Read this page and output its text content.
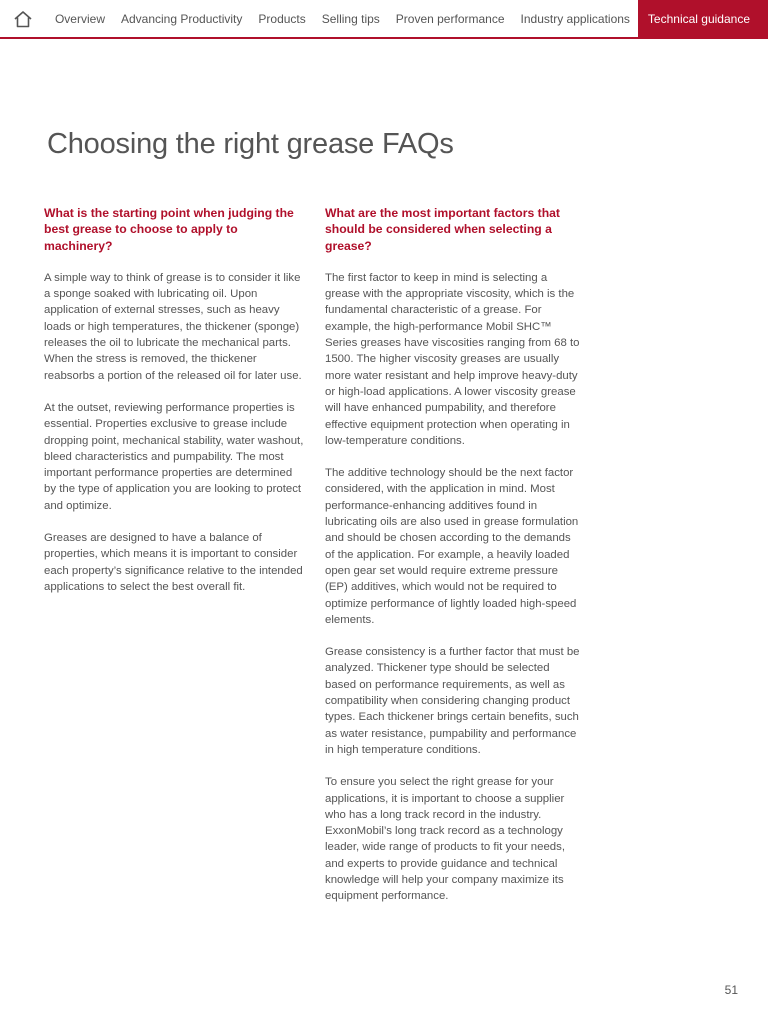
Overview	Advancing Productivity	Products	Selling tips	Proven performance	Industry applications	Technical guidance
Choosing the right grease FAQs
What is the starting point when judging the best grease to choose to apply to machinery?

A simple way to think of grease is to consider it like a sponge soaked with lubricating oil. Upon application of external stresses, such as heavy loads or high temperatures, the thickener (sponge) releases the oil to lubricate the mechanical parts. When the stress is removed, the thickener reabsorbs a portion of the released oil for later use.

At the outset, reviewing performance properties is essential. Properties exclusive to grease include dropping point, mechanical stability, water washout, bleed characteristics and pumpability. The most important performance properties are determined by the type of application you are looking to protect and optimize.

Greases are designed to have a balance of properties, which means it is important to consider each property’s significance relative to the intended applications to select the best overall fit.

What are the most important factors that should be considered when selecting a grease?

The first factor to keep in mind is selecting a grease with the appropriate viscosity, which is the fundamental characteristic of a grease. For example, the high-performance Mobil SHC™ Series greases have viscosities ranging from 68 to 1500. The higher viscosity greases are usually more water resistant and help improve heavy-duty or high-load applications. A lower viscosity grease will have enhanced pumpability, and therefore effective equipment protection when operating in low-temperature conditions.

The additive technology should be the next factor considered, with the application in mind. Most performance-enhancing additives found in lubricating oils are also used in grease formulation and should be chosen according to the demands of the application. For example, a heavily loaded open gear set would require extreme pressure (EP) additives, which would not be required to optimize performance of lightly loaded high-speed elements.

Grease consistency is a further factor that must be analyzed. Thickener type should be selected based on performance requirements, as well as compatibility when considering changing product types. Each thickener brings certain benefits, such as water resistance, pumpability and performance in high temperature conditions.

To ensure you select the right grease for your applications, it is important to choose a supplier who has a long track record in the industry. ExxonMobil’s long track record as a technology leader, wide range of products to fit your needs, and experts to provide guidance and technical knowledge will help your company maximize its equipment performance.

51
